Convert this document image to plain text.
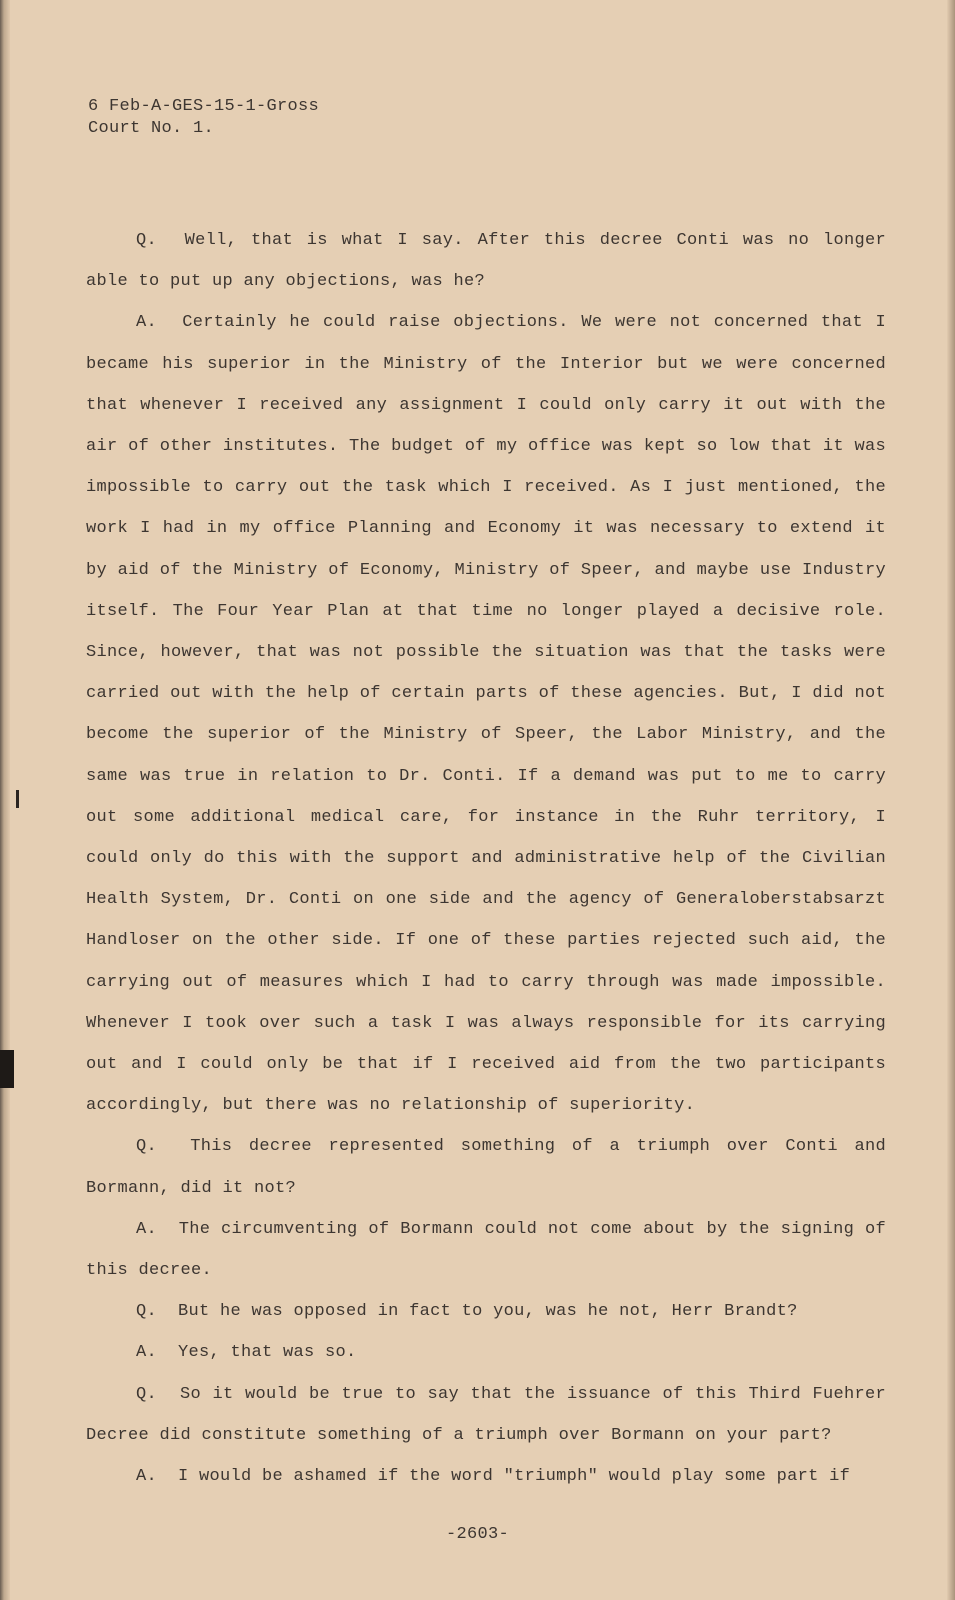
6 Feb-A-GES-15-1-Gross
Court No. 1.

Q. Well, that is what I say. After this decree Conti was no longer able to put up any objections, was he?

A. Certainly he could raise objections. We were not concerned that I became his superior in the Ministry of the Interior but we were concerned that whenever I received any assignment I could only carry it out with the air of other institutes. The budget of my office was kept so low that it was impossible to carry out the task which I received. As I just mentioned, the work I had in my office Planning and Economy it was necessary to extend it by aid of the Ministry of Economy, Ministry of Speer, and maybe use Industry itself. The Four Year Plan at that time no longer played a decisive role. Since, however, that was not possible the situation was that the tasks were carried out with the help of certain parts of these agencies. But, I did not become the superior of the Ministry of Speer, the Labor Ministry, and the same was true in relation to Dr. Conti. If a demand was put to me to carry out some additional medical care, for instance in the Ruhr territory, I could only do this with the support and administrative help of the Civilian Health System, Dr. Conti on one side and the agency of Generaloberstabsarzt Handloser on the other side. If one of these parties rejected such aid, the carrying out of measures which I had to carry through was made impossible. Whenever I took over such a task I was always responsible for its carrying out and I could only be that if I received aid from the two participants accordingly, but there was no relationship of superiority.

Q. This decree represented something of a triumph over Conti and Bormann, did it not?

A. The circumventing of Bormann could not come about by the signing of this decree.

Q. But he was opposed in fact to you, was he not, Herr Brandt?

A. Yes, that was so.

Q. So it would be true to say that the issuance of this Third Fuehrer Decree did constitute something of a triumph over Bormann on your part?

A. I would be ashamed if the word "triumph" would play some part if

-2603-
